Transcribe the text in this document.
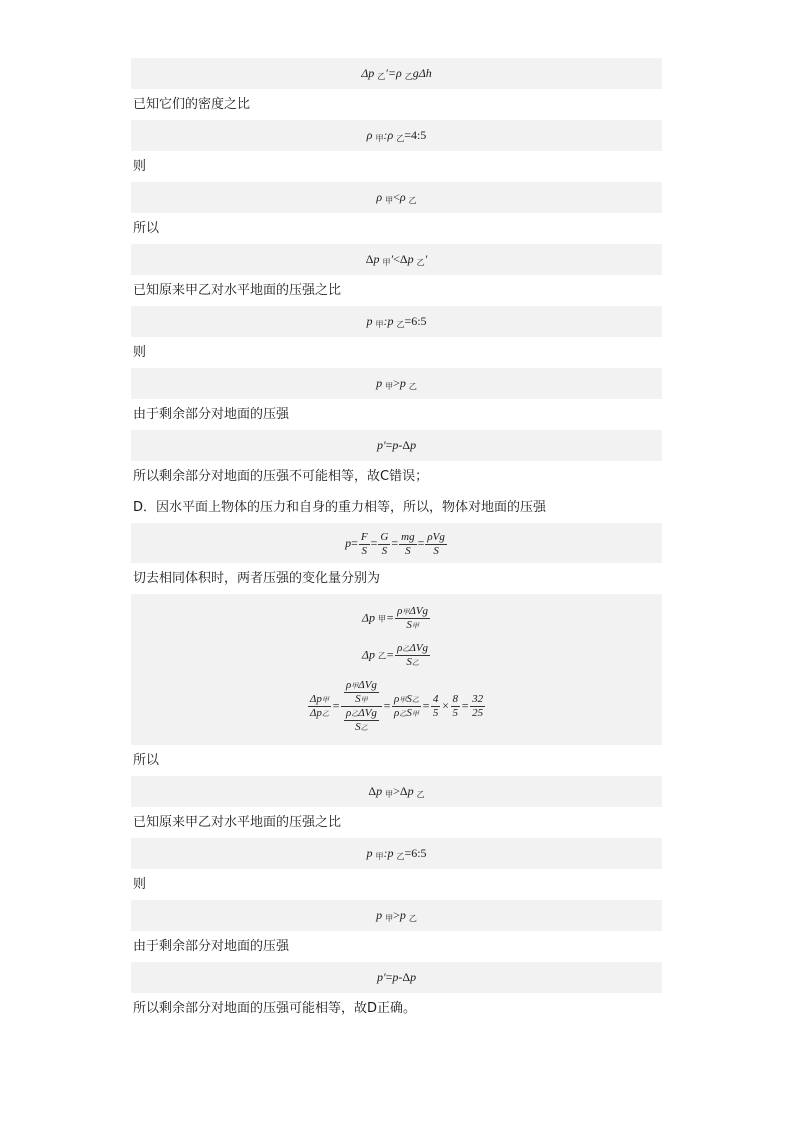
Δp $_乙$′=ρ $_乙$gΔh
已知它们的密度之比
ρ $_甲$:ρ $_乙$=4:5
则
ρ $_甲$<ρ $_乙$
所以
Δp $_甲$′<Δp $_乙$′
已知原来甲乙对水平地面的压强之比
p $_甲$:p $_乙$=6:5
则
p $_甲$>p $_乙$
由于剩余部分对地面的压强
p′=p-Δp
所以剩余部分对地面的压强不可能相等，故C错误；
D．因水平面上物体的压力和自身的重力相等，所以，物体对地面的压强
$p= \frac{F}{S} = \frac{G}{S} = \frac{mg}{S} = \frac{\text{ρVg}}{S}$
切去相同体积时，两者压强的变化量分别为
Δp 甲= $\frac{\text{ρ甲ΔVg}}{\text{S甲}}$
Δp 乙= $\frac{\text{ρ乙ΔVg}}{\text{S乙}}$
$\frac{\text{Δp甲}}{\text{Δp乙}} = \frac{\frac{\text{ρ甲ΔVg}}{\text{S甲}}}{\frac{\text{ρ乙ΔVg}}{\text{S乙}}} = \frac{\text{ρ甲S乙}}{\text{ρ乙S甲}} = \frac{4}{5} \times \frac{8}{5} = \frac{32}{25}$
所以
Δp $_甲$>Δp $_乙$
已知原来甲乙对水平地面的压强之比
p $_甲$:p $_乙$=6:5
则
p $_甲$>p $_乙$
由于剩余部分对地面的压强
p′=p-Δp
所以剩余部分对地面的压强可能相等，故D正确。
